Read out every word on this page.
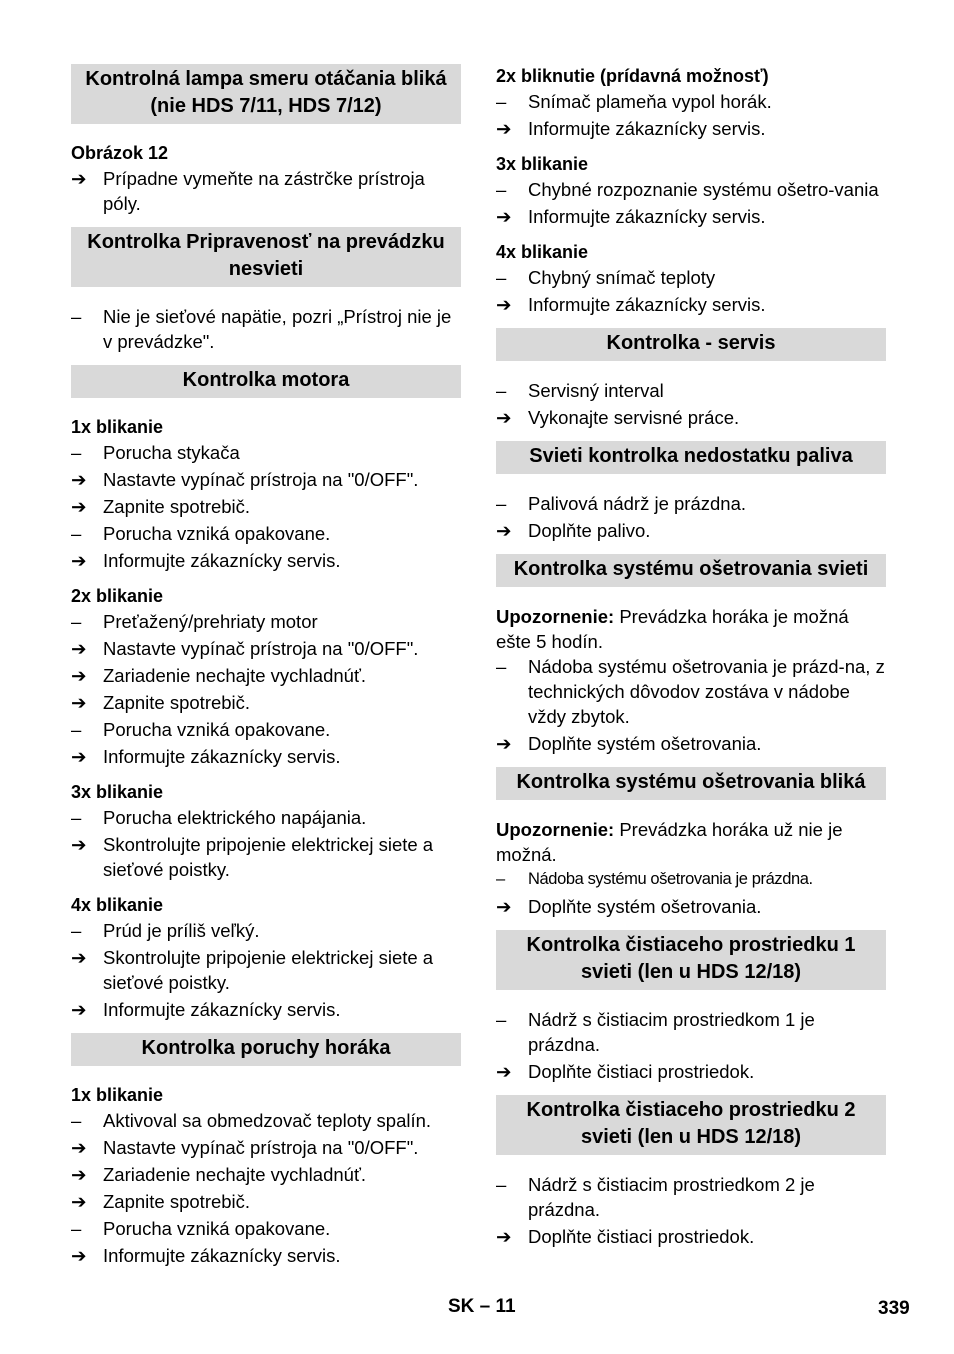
Kontrolná lampa smeru otáčania bliká (nie HDS 7/11, HDS 7/12)
Obrázok 12
➔ Prípadne vymeňte na zástrčke prístroja póly.
Kontrolka Pripravenosť na prevádzku nesvieti
–	Nie je sieťové napätie, pozri „Prístroj nie je v prevádzke".
Kontrolka motora
1x blikanie
–	Porucha stykača
➔ Nastavte vypínač prístroja na "0/OFF".
➔ Zapnite spotrebič.
–	Porucha vzniká opakovane.
➔ Informujte zákaznícky servis.
2x blikanie
–	Preťažený/prehriaty motor
➔ Nastavte vypínač prístroja na "0/OFF".
➔ Zariadenie nechajte vychladnúť.
➔ Zapnite spotrebič.
–	Porucha vzniká opakovane.
➔ Informujte zákaznícky servis.
3x blikanie
–	Porucha elektrického napájania.
➔ Skontrolujte pripojenie elektrickej siete a sieťové poistky.
4x blikanie
–	Prúd je príliš veľký.
➔ Skontrolujte pripojenie elektrickej siete a sieťové poistky.
➔ Informujte zákaznícky servis.
Kontrolka poruchy horáka
1x blikanie
–	Aktivoval sa obmedzovač teploty spalín.
➔ Nastavte vypínač prístroja na "0/OFF".
➔ Zariadenie nechajte vychladnúť.
➔ Zapnite spotrebič.
–	Porucha vzniká opakovane.
➔ Informujte zákaznícky servis.
2x bliknutie (prídavná možnosť)
–	Snímač plameňa vypol horák.
➔ Informujte zákaznícky servis.
3x blikanie
–	Chybné rozpoznanie systému ošetro-vania
➔ Informujte zákaznícky servis.
4x blikanie
–	Chybný snímač teploty
➔ Informujte zákaznícky servis.
Kontrolka - servis
–	Servisný interval
➔ Vykonajte servisné práce.
Svieti kontrolka nedostatku paliva
–	Palivová nádrž je prázdna.
➔ Doplňte palivo.
Kontrolka systému ošetrovania svieti
Upozornenie: Prevádzka horáka je možná ešte 5 hodín.
–	Nádoba systému ošetrovania je prázd-na, z technických dôvodov zostáva v nádobe vždy zbytok.
➔ Doplňte systém ošetrovania.
Kontrolka systému ošetrovania bliká
Upozornenie: Prevádzka horáka už nie je možná.
–	Nádoba systému ošetrovania je prázdna.
➔ Doplňte systém ošetrovania.
Kontrolka čistiaceho prostriedku 1 svieti (len u HDS 12/18)
–	Nádrž s čistiacim prostriedkom 1 je prázdna.
➔ Doplňte čistiaci prostriedok.
Kontrolka čistiaceho prostriedku 2 svieti (len u HDS 12/18)
–	Nádrž s čistiacim prostriedkom 2 je prázdna.
➔ Doplňte čistiaci prostriedok.
SK – 11	339
